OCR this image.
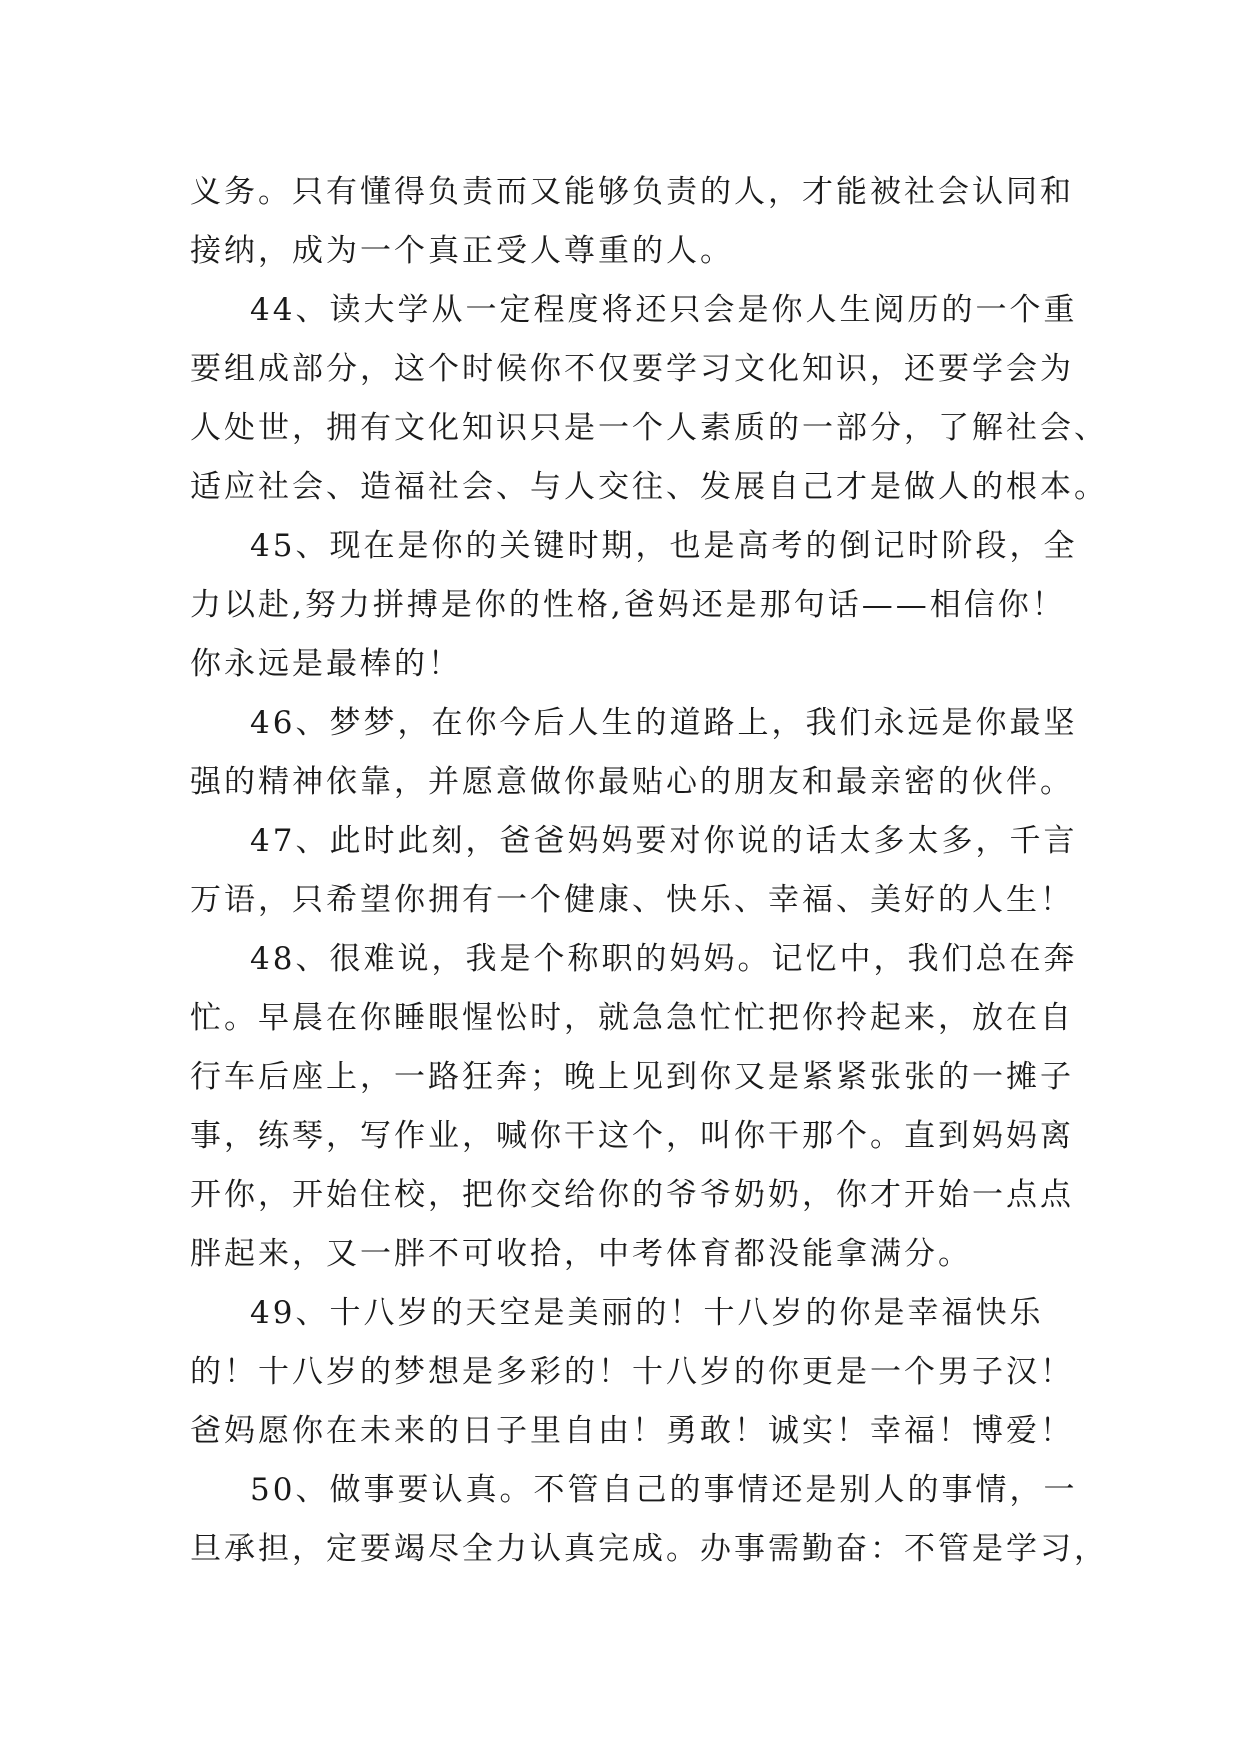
义务。只有懂得负责而又能够负责的人，才能被社会认同和
接纳，成为一个真正受人尊重的人。
44、读大学从一定程度将还只会是你人生阅历的一个重
要组成部分，这个时候你不仅要学习文化知识，还要学会为
人处世，拥有文化知识只是一个人素质的一部分，了解社会、
适应社会、造福社会、与人交往、发展自己才是做人的根本。
45、现在是你的关键时期，也是高考的倒记时阶段，全
力以赴,努力拼搏是你的性格,爸妈还是那句话——相信你！
你永远是最棒的！
46、梦梦，在你今后人生的道路上，我们永远是你最坚
强的精神依靠，并愿意做你最贴心的朋友和最亲密的伙伴。
47、此时此刻，爸爸妈妈要对你说的话太多太多，千言
万语，只希望你拥有一个健康、快乐、幸福、美好的人生！
48、很难说，我是个称职的妈妈。记忆中，我们总在奔
忙。早晨在你睡眼惺忪时，就急急忙忙把你拎起来，放在自
行车后座上，一路狂奔；晚上见到你又是紧紧张张的一摊子
事，练琴，写作业，喊你干这个，叫你干那个。直到妈妈离
开你，开始住校，把你交给你的爷爷奶奶，你才开始一点点
胖起来，又一胖不可收拾，中考体育都没能拿满分。
49、十八岁的天空是美丽的！十八岁的你是幸福快乐
的！十八岁的梦想是多彩的！十八岁的你更是一个男子汉！
爸妈愿你在未来的日子里自由！勇敢！诚实！幸福！博爱！
50、做事要认真。不管自己的事情还是别人的事情，一
旦承担，定要竭尽全力认真完成。办事需勤奋：不管是学习，
